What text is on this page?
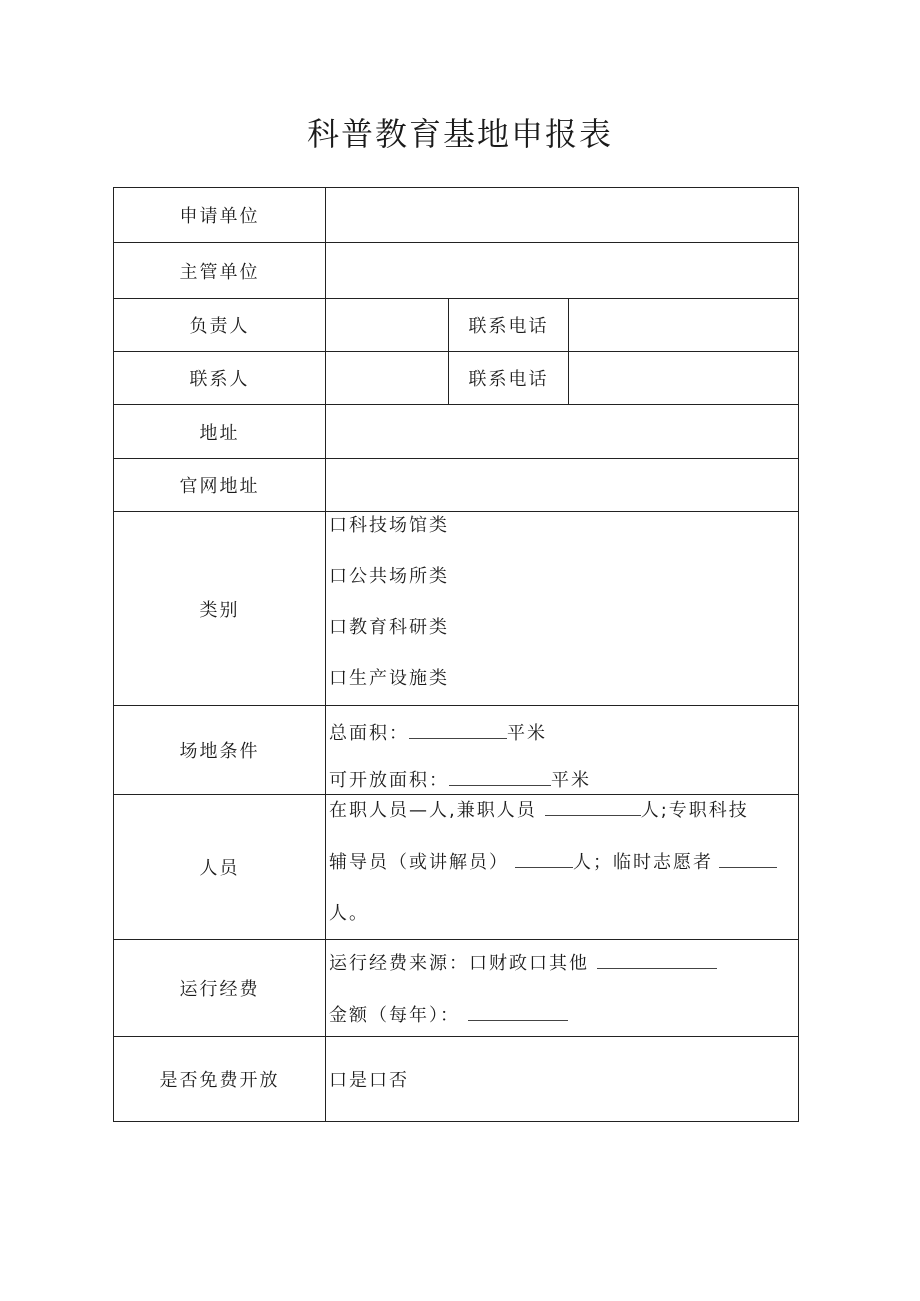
科普教育基地申报表
申请单位			
主管单位			
负责人		联系电话	
联系人		联系电话	
地址			
官网地址			
类别	口科技场馆类
口公共场所类
口教育科研类
口生产设施类		

场地条件	总面积： 平米
可开放面积： 平米		

人员	在职人员—人,兼职人员 人;专职科技
辅导员（或讲解员） 人；临时志愿者
人。		

运行经费	运行经费来源：口财政口其他
金额（每年）：		

是否免费开放	口是口否		
